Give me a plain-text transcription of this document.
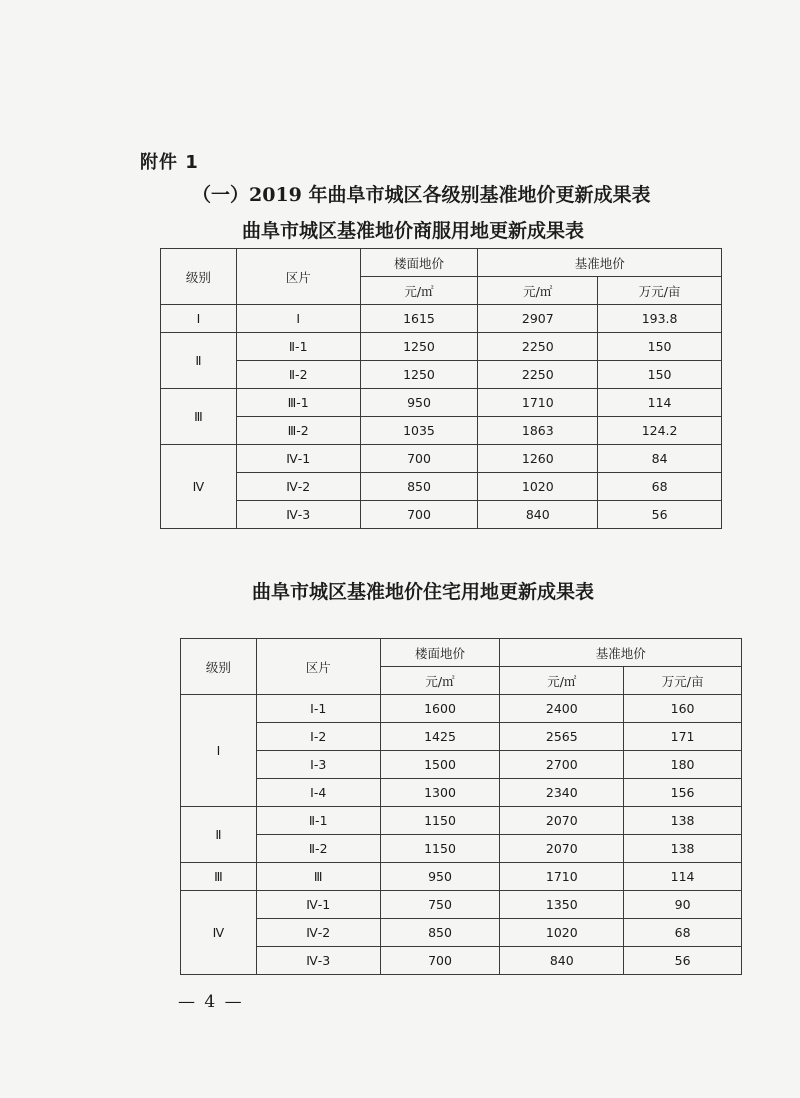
附件 1
（一）2019 年曲阜市城区各级别基准地价更新成果表
曲阜市城区基准地价商服用地更新成果表
级别	区片	楼面地价	基准地价	
		元/㎡	元/㎡	万元/亩
Ⅰ	Ⅰ	1615	2907	193.8
Ⅱ	Ⅱ-1	1250	2250	150
	Ⅱ-2	1250	2250	150
Ⅲ	Ⅲ-1	950	1710	114
	Ⅲ-2	1035	1863	124.2
Ⅳ	Ⅳ-1	700	1260	84
	Ⅳ-2	850	1020	68
	Ⅳ-3	700	840	56
曲阜市城区基准地价住宅用地更新成果表
级别	区片	楼面地价	基准地价	
		元/㎡	元/㎡	万元/亩
Ⅰ	Ⅰ-1	1600	2400	160
	Ⅰ-2	1425	2565	171
	Ⅰ-3	1500	2700	180
	Ⅰ-4	1300	2340	156
Ⅱ	Ⅱ-1	1150	2070	138
	Ⅱ-2	1150	2070	138
Ⅲ	Ⅲ	950	1710	114
Ⅳ	Ⅳ-1	750	1350	90
	Ⅳ-2	850	1020	68
	Ⅳ-3	700	840	56
— 4 —
